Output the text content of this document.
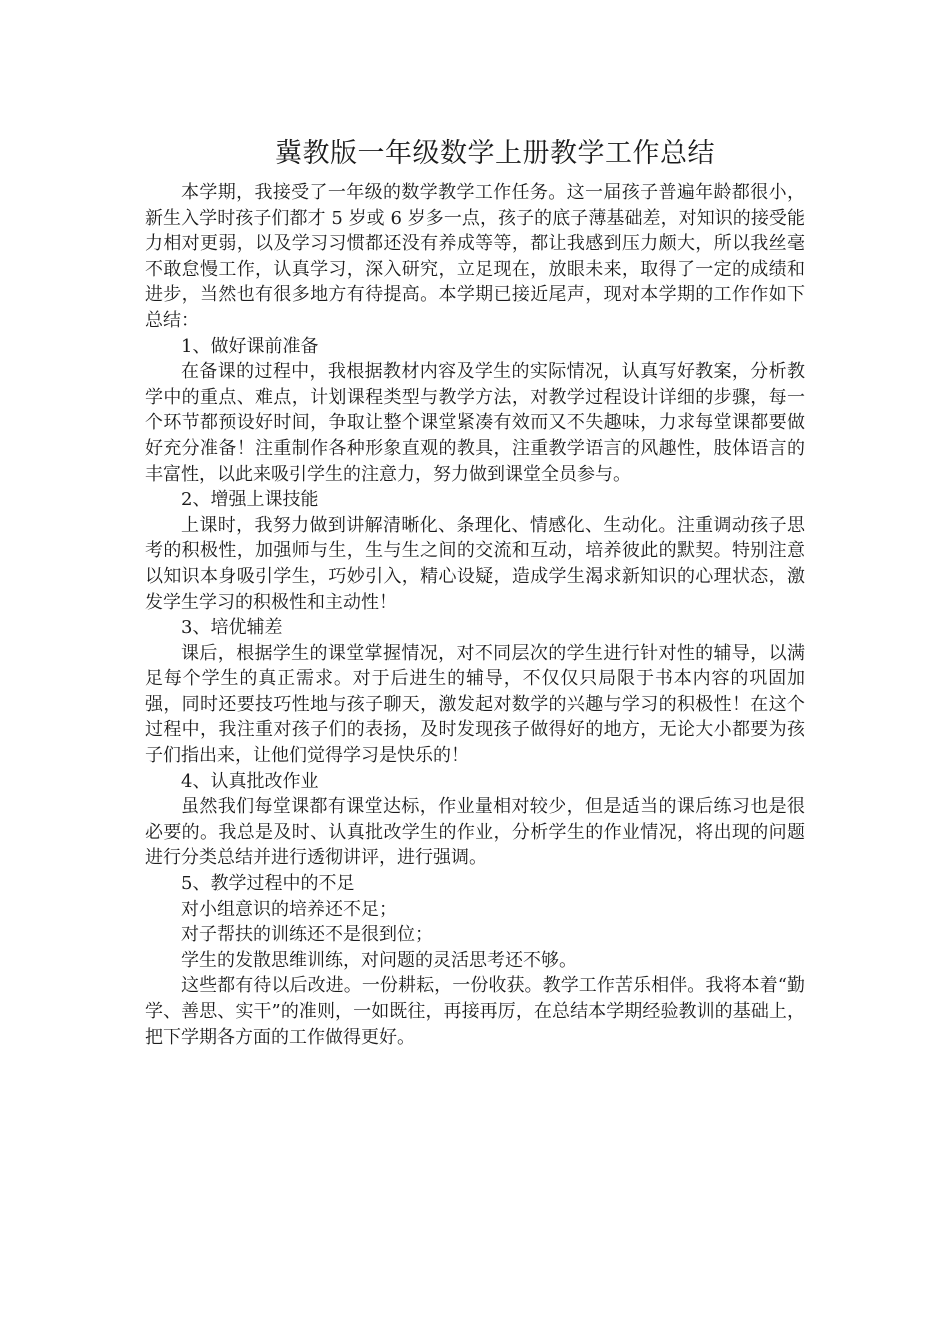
冀教版一年级数学上册教学工作总结

本学期，我接受了一年级的数学教学工作任务。这一届孩子普遍年龄都很小，新生入学时孩子们都才 5 岁或 6 岁多一点，孩子的底子薄基础差，对知识的接受能力相对更弱，以及学习习惯都还没有养成等等，都让我感到压力颇大，所以我丝毫不敢怠慢工作，认真学习，深入研究，立足现在，放眼未来，取得了一定的成绩和进步，当然也有很多地方有待提高。本学期已接近尾声，现对本学期的工作作如下总结：

1、做好课前准备

在备课的过程中，我根据教材内容及学生的实际情况，认真写好教案，分析教学中的重点、难点，计划课程类型与教学方法，对教学过程设计详细的步骤，每一个环节都预设好时间，争取让整个课堂紧凑有效而又不失趣味，力求每堂课都要做好充分准备！注重制作各种形象直观的教具，注重教学语言的风趣性，肢体语言的丰富性，以此来吸引学生的注意力，努力做到课堂全员参与。

2、增强上课技能

上课时，我努力做到讲解清晰化、条理化、情感化、生动化。注重调动孩子思考的积极性，加强师与生，生与生之间的交流和互动，培养彼此的默契。特别注意以知识本身吸引学生，巧妙引入，精心设疑，造成学生渴求新知识的心理状态，激发学生学习的积极性和主动性！

3、培优辅差

课后，根据学生的课堂掌握情况，对不同层次的学生进行针对性的辅导，以满足每个学生的真正需求。对于后进生的辅导，不仅仅只局限于书本内容的巩固加强，同时还要技巧性地与孩子聊天，激发起对数学的兴趣与学习的积极性！在这个过程中，我注重对孩子们的表扬，及时发现孩子做得好的地方，无论大小都要为孩子们指出来，让他们觉得学习是快乐的！

4、认真批改作业

虽然我们每堂课都有课堂达标，作业量相对较少，但是适当的课后练习也是很必要的。我总是及时、认真批改学生的作业，分析学生的作业情况，将出现的问题进行分类总结并进行透彻讲评，进行强调。

5、教学过程中的不足

对小组意识的培养还不足；

对子帮扶的训练还不是很到位；

学生的发散思维训练，对问题的灵活思考还不够。

这些都有待以后改进。一份耕耘，一份收获。教学工作苦乐相伴。我将本着“勤学、善思、实干”的准则，一如既往，再接再厉，在总结本学期经验教训的基础上，把下学期各方面的工作做得更好。
